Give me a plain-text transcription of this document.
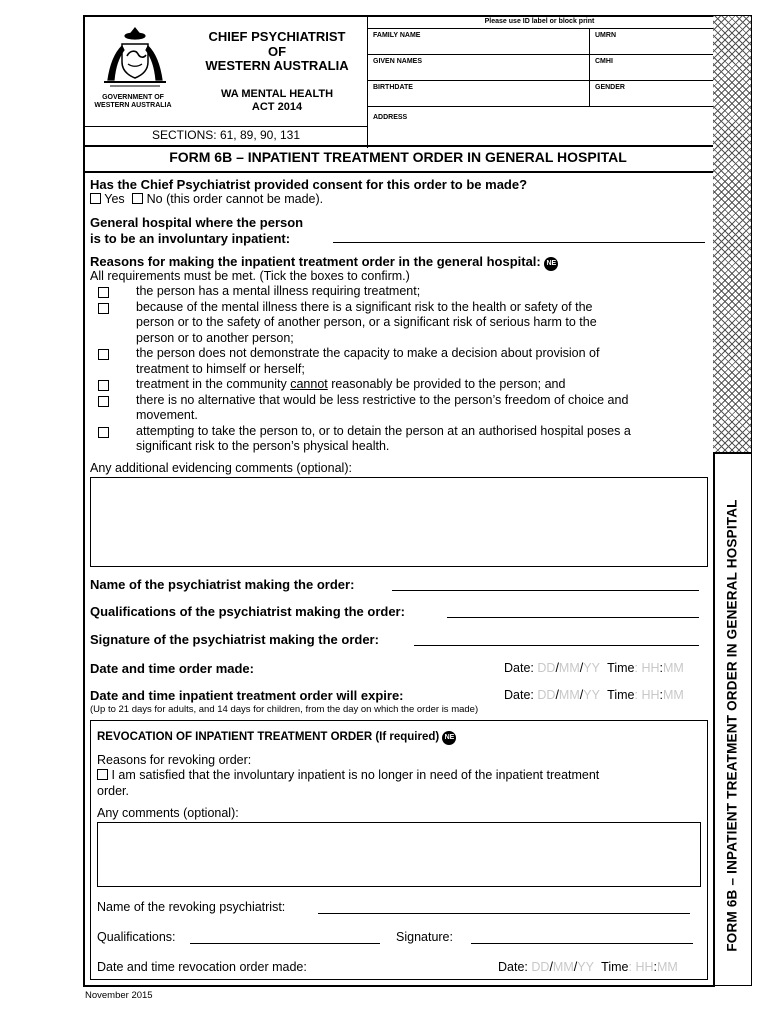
FORM 6B – INPATIENT TREATMENT ORDER IN GENERAL HOSPITAL
GOVERNMENT OF
WESTERN AUSTRALIA
CHIEF PSYCHIATRIST
OF
WESTERN AUSTRALIA
WA MENTAL HEALTH
ACT 2014
SECTIONS: 61, 89, 90, 131
Please use ID label or block print
FAMILY NAME	UMRN
GIVEN NAMES	CMHI
BIRTHDATE	GENDER
ADDRESS
FORM 6B – INPATIENT TREATMENT ORDER IN GENERAL HOSPITAL
Has the Chief Psychiatrist provided consent for this order to be made?
Yes No (this order cannot be made).
General hospital where the person
is to be an involuntary inpatient:
Reasons for making the inpatient treatment order in the general hospital: NE
All requirements must be met. (Tick the boxes to confirm.)
the person has a mental illness requiring treatment;
because of the mental illness there is a significant risk to the health or safety of the
person or to the safety of another person, or a significant risk of serious harm to the
person or to another person;
the person does not demonstrate the capacity to make a decision about provision of
treatment to himself or herself;
treatment in the community cannot reasonably be provided to the person; and
there is no alternative that would be less restrictive to the person’s freedom of choice and
movement.
attempting to take the person to, or to detain the person at an authorised hospital poses a
significant risk to the person’s physical health.
Any additional evidencing comments (optional):
Name of the psychiatrist making the order:
Qualifications of the psychiatrist making the order:
Signature of the psychiatrist making the order:
Date and time order made:	Date: DD/MM/YY Time: HH:MM
Date and time inpatient treatment order will expire:	Date: DD/MM/YY Time: HH:MM
(Up to 21 days for adults, and 14 days for children, from the day on which the order is made)
REVOCATION OF INPATIENT TREATMENT ORDER (If required) NE
Reasons for revoking order:
I am satisfied that the involuntary inpatient is no longer in need of the inpatient treatment
order.
Any comments (optional):
Name of the revoking psychiatrist:
Qualifications:	Signature:
Date and time revocation order made:	Date: DD/MM/YY Time: HH:MM
November 2015
